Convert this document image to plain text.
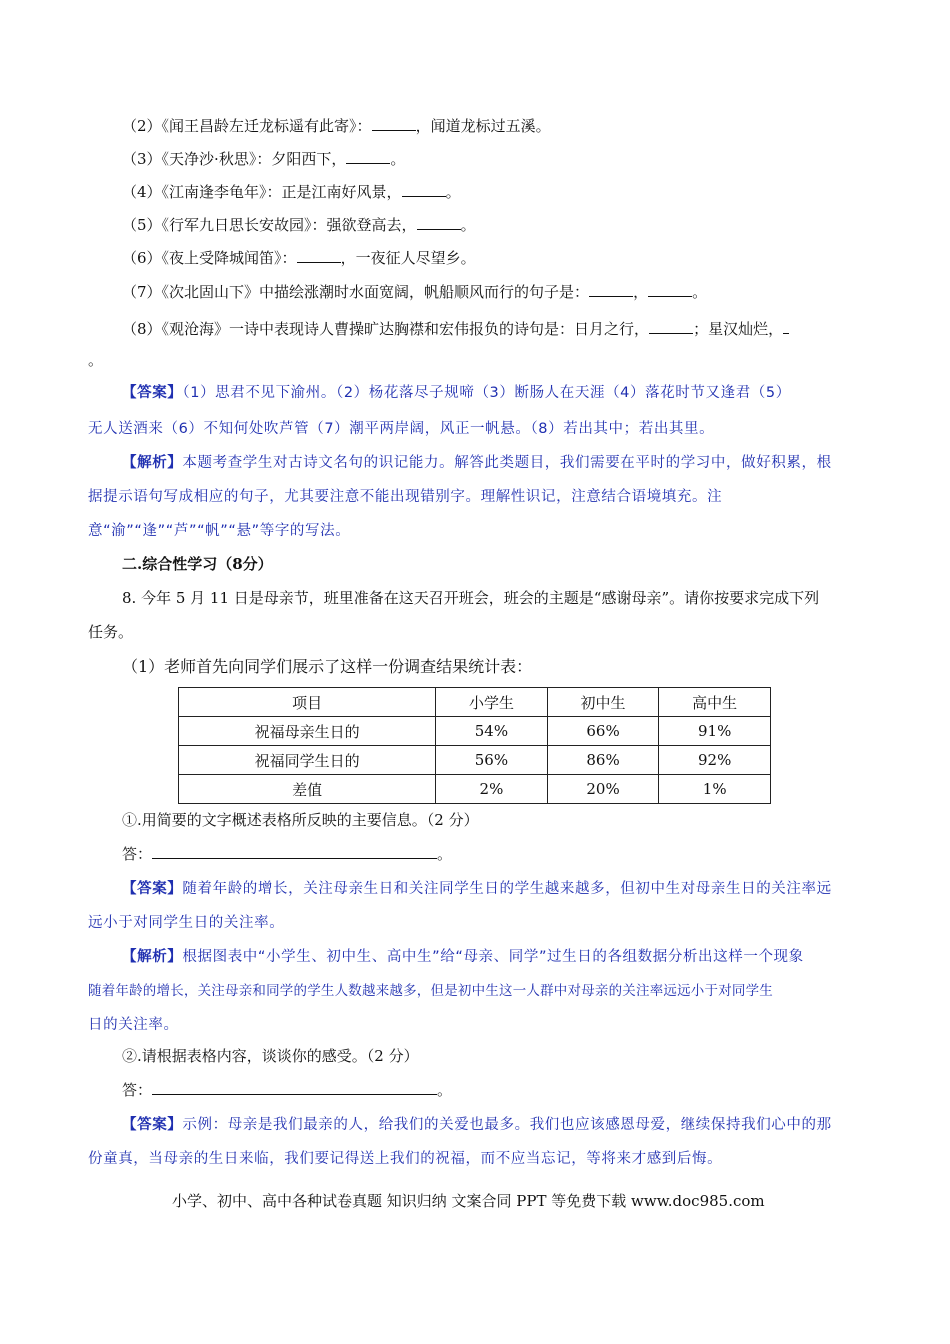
（2）《闻王昌龄左迁龙标遥有此寄》：	，闻道龙标过五溪。
（3）《天净沙·秋思》：夕阳西下，	。
（4）《江南逢李龟年》：正是江南好风景，	。
（5）《行军九日思长安故园》：强欲登高去，	。
（6）《夜上受降城闻笛》：	，一夜征人尽望乡。
（7）《次北固山下》中描绘涨潮时水面宽阔，帆船顺风而行的句子是：	，	。
（8）《观沧海》一诗中表现诗人曹操旷达胸襟和宏伟报负的诗句是：日月之行，	；星汉灿烂，
。
【答案】（1）思君不见下渝州。（2）杨花落尽子规啼（3）断肠人在天涯（4）落花时节又逢君（5）
无人送酒来（6）不知何处吹芦管（7）潮平两岸阔，风正一帆悬。（8）若出其中；若出其里。
【解析】本题考查学生对古诗文名句的识记能力。解答此类题目，我们需要在平时的学习中，做好积累，根
据提示语句写成相应的句子，尤其要注意不能出现错别字。理解性识记，注意结合语境填充。注
意“渝”“逢”“芦”“帆”“悬”等字的写法。
二.综合性学习（8分）
8. 今年 5 月 11 日是母亲节，班里准备在这天召开班会，班会的主题是“感谢母亲”。请你按要求完成下列
任务。
（1）老师首先向同学们展示了这样一份调查结果统计表：
项目	小学生	初中生	高中生
祝福母亲生日的	54%	66%	91%
祝福同学生日的	56%	86%	92%
差值	2%	20%	1%
①.用简要的文字概述表格所反映的主要信息。（2 分）
答：	。
【答案】随着年龄的增长，关注母亲生日和关注同学生日的学生越来越多，但初中生对母亲生日的关注率远
远小于对同学生日的关注率。
【解析】根据图表中“小学生、初中生、高中生”给“母亲、同学”过生日的各组数据分析出这样一个现象
随着年龄的增长，关注母亲和同学的学生人数越来越多，但是初中生这一人群中对母亲的关注率远远小于对同学生
日的关注率。
②.请根据表格内容，谈谈你的感受。（2 分）
答：	。
【答案】示例：母亲是我们最亲的人，给我们的关爱也最多。我们也应该感恩母爱，继续保持我们心中的那
份童真，当母亲的生日来临，我们要记得送上我们的祝福，而不应当忘记，等将来才感到后悔。
小学、初中、高中各种试卷真题 知识归纳 文案合同 PPT 等免费下载 www.doc985.com
